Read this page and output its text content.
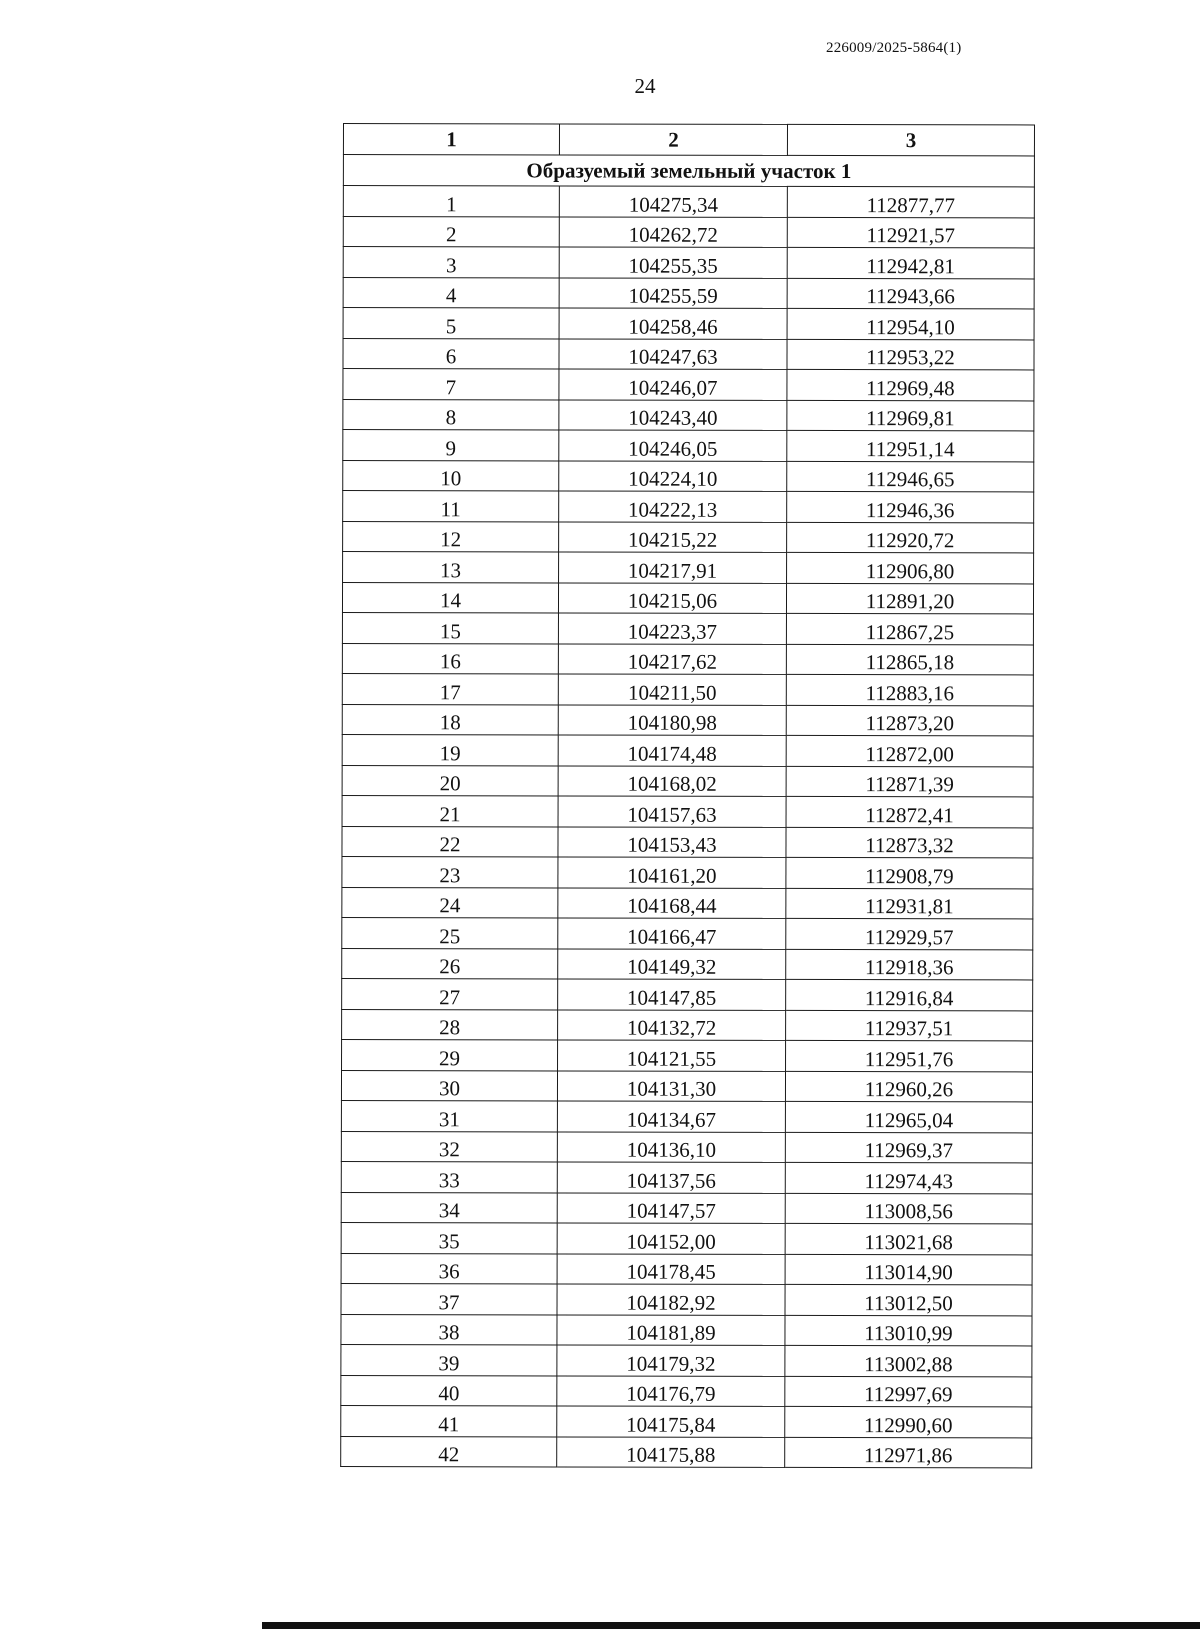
226009/2025-5864(1)
24
1	2	3
Образуемый земельный участок 1		
1	104275,34	112877,77
2	104262,72	112921,57
3	104255,35	112942,81
4	104255,59	112943,66
5	104258,46	112954,10
6	104247,63	112953,22
7	104246,07	112969,48
8	104243,40	112969,81
9	104246,05	112951,14
10	104224,10	112946,65
11	104222,13	112946,36
12	104215,22	112920,72
13	104217,91	112906,80
14	104215,06	112891,20
15	104223,37	112867,25
16	104217,62	112865,18
17	104211,50	112883,16
18	104180,98	112873,20
19	104174,48	112872,00
20	104168,02	112871,39
21	104157,63	112872,41
22	104153,43	112873,32
23	104161,20	112908,79
24	104168,44	112931,81
25	104166,47	112929,57
26	104149,32	112918,36
27	104147,85	112916,84
28	104132,72	112937,51
29	104121,55	112951,76
30	104131,30	112960,26
31	104134,67	112965,04
32	104136,10	112969,37
33	104137,56	112974,43
34	104147,57	113008,56
35	104152,00	113021,68
36	104178,45	113014,90
37	104182,92	113012,50
38	104181,89	113010,99
39	104179,32	113002,88
40	104176,79	112997,69
41	104175,84	112990,60
42	104175,88	112971,86
